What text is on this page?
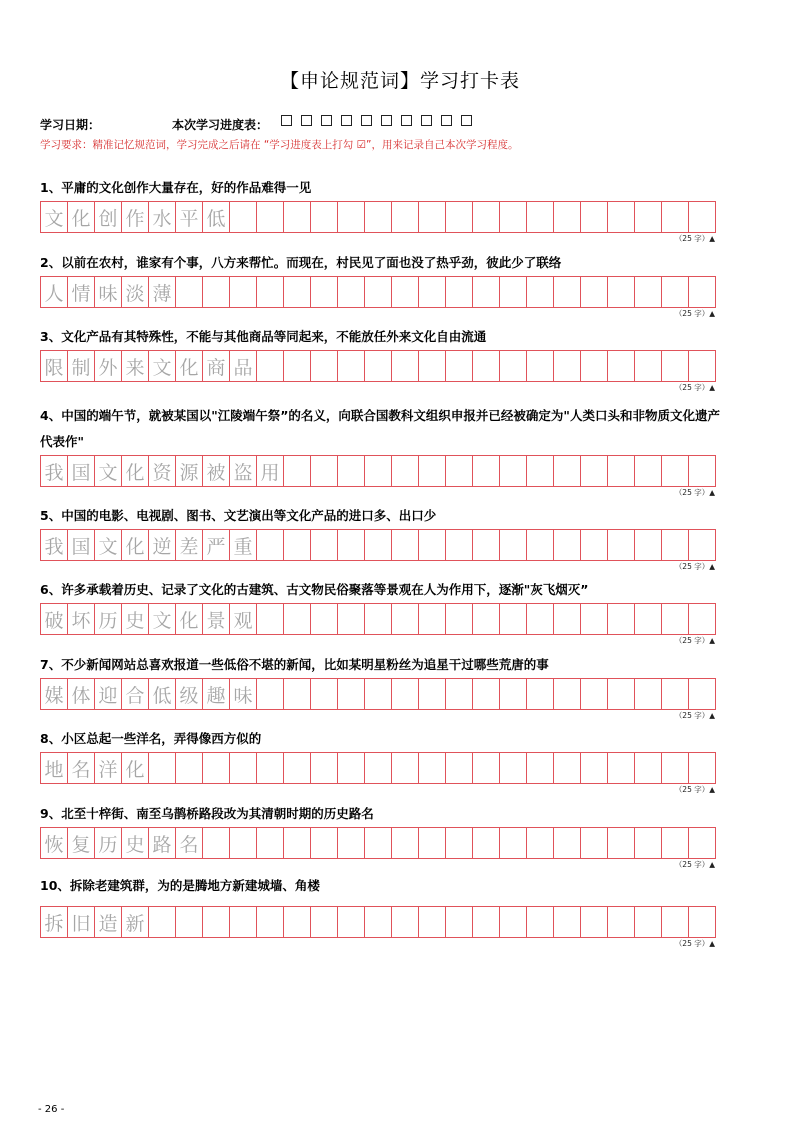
【申论规范词】学习打卡表
学习日期：	本次学习进度表：
学习要求：精准记忆规范词，学习完成之后请在 “学习进度表上打勾 ☑”，用来记录自己本次学习程度。
1、平庸的文化创作大量存在，好的作品难得一见
文 化 创 作 水 平 低
（25 字）▲
2、以前在农村，谁家有个事，八方来帮忙。而现在，村民见了面也没了热乎劲，彼此少了联络
人 情 味 淡 薄
（25 字）▲
3、文化产品有其特殊性，不能与其他商品等同起来，不能放任外来文化自由流通
限 制 外 来 文 化 商 品
（25 字）▲
4、中国的端午节，就被某国以"江陵端午祭”的名义，向联合国教科文组织申报并已经被确定为"人类口头和非物质文化遗产代表作"
我 国 文 化 资 源 被 盗 用
（25 字）▲
5、中国的电影、电视剧、图书、文艺演出等文化产品的进口多、出口少
我 国 文 化 逆 差 严 重
（25 字）▲
6、许多承载着历史、记录了文化的古建筑、古文物民俗聚落等景观在人为作用下，逐渐"灰飞烟灭”
破 坏 历 史 文 化 景 观
（25 字）▲
7、不少新闻网站总喜欢报道一些低俗不堪的新闻，比如某明星粉丝为追星干过哪些荒唐的事
媒 体 迎 合 低 级 趣 味
（25 字）▲
8、小区总起一些洋名，弄得像西方似的
地 名 洋 化
（25 字）▲
9、北至十梓街、南至乌鹊桥路段改为其清朝时期的历史路名
恢 复 历 史 路 名
（25 字）▲
10、拆除老建筑群，为的是腾地方新建城墙、角楼
拆 旧 造 新
（25 字）▲
- 26 -
